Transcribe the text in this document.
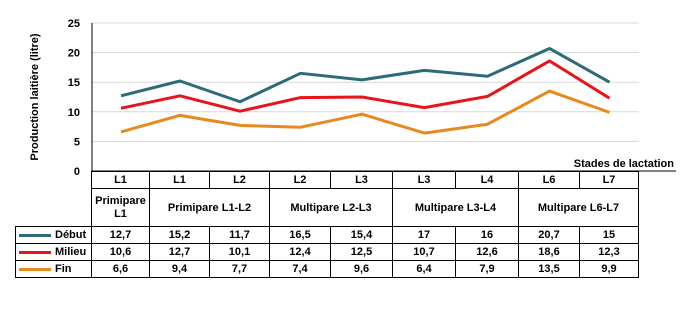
0
5
10
15
20
25
Production laitière (litre)
Stades de lactation
	L1	L1	L2	L2	L3	L3	L4	L6	L7
	Primipare L1	Primipare L1-L2		Multipare L2-L3		Multipare L3-L4		Multipare L6-L7	
Début	12,7	15,2	11,7	16,5	15,4	17	16	20,7	15
Milieu	10,6	12,7	10,1	12,4	12,5	10,7	12,6	18,6	12,3
Fin	6,6	9,4	7,7	7,4	9,6	6,4	7,9	13,5	9,9
